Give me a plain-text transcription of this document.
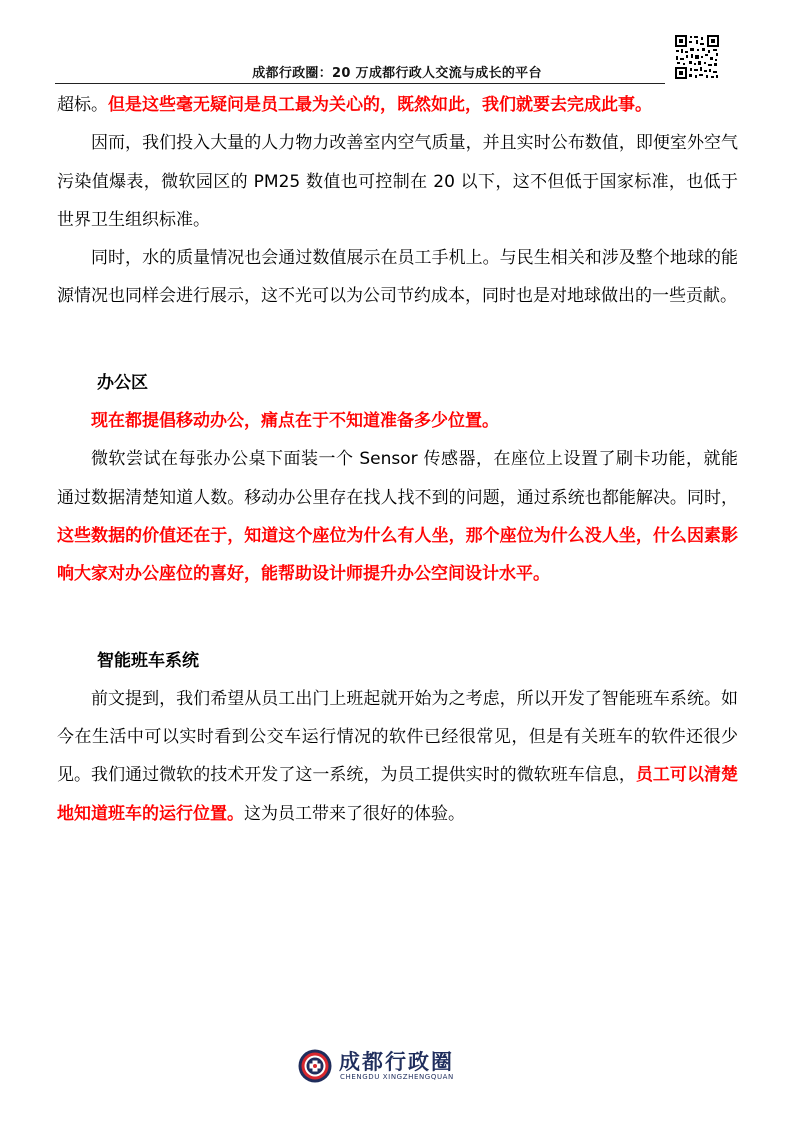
成都行政圈：20 万成都行政人交流与成长的平台

超标。但是这些毫无疑问是员工最为关心的，既然如此，我们就要去完成此事。

因而，我们投入大量的人力物力改善室内空气质量，并且实时公布数值，即便室外空气污染值爆表，微软园区的 PM25 数值也可控制在 20 以下，这不但低于国家标准，也低于世界卫生组织标准。

同时，水的质量情况也会通过数值展示在员工手机上。与民生相关和涉及整个地球的能源情况也同样会进行展示，这不光可以为公司节约成本，同时也是对地球做出的一些贡献。

办公区

现在都提倡移动办公，痛点在于不知道准备多少位置。

微软尝试在每张办公桌下面装一个 Sensor 传感器，在座位上设置了刷卡功能，就能通过数据清楚知道人数。移动办公里存在找人找不到的问题，通过系统也都能解决。同时，这些数据的价值还在于，知道这个座位为什么有人坐，那个座位为什么没人坐，什么因素影响大家对办公座位的喜好，能帮助设计师提升办公空间设计水平。

智能班车系统

前文提到，我们希望从员工出门上班起就开始为之考虑，所以开发了智能班车系统。如今在生活中可以实时看到公交车运行情况的软件已经很常见，但是有关班车的软件还很少见。我们通过微软的技术开发了这一系统，为员工提供实时的微软班车信息，员工可以清楚地知道班车的运行位置。这为员工带来了很好的体验。

成都行政圈
CHENGDU XINGZHENGQUAN
